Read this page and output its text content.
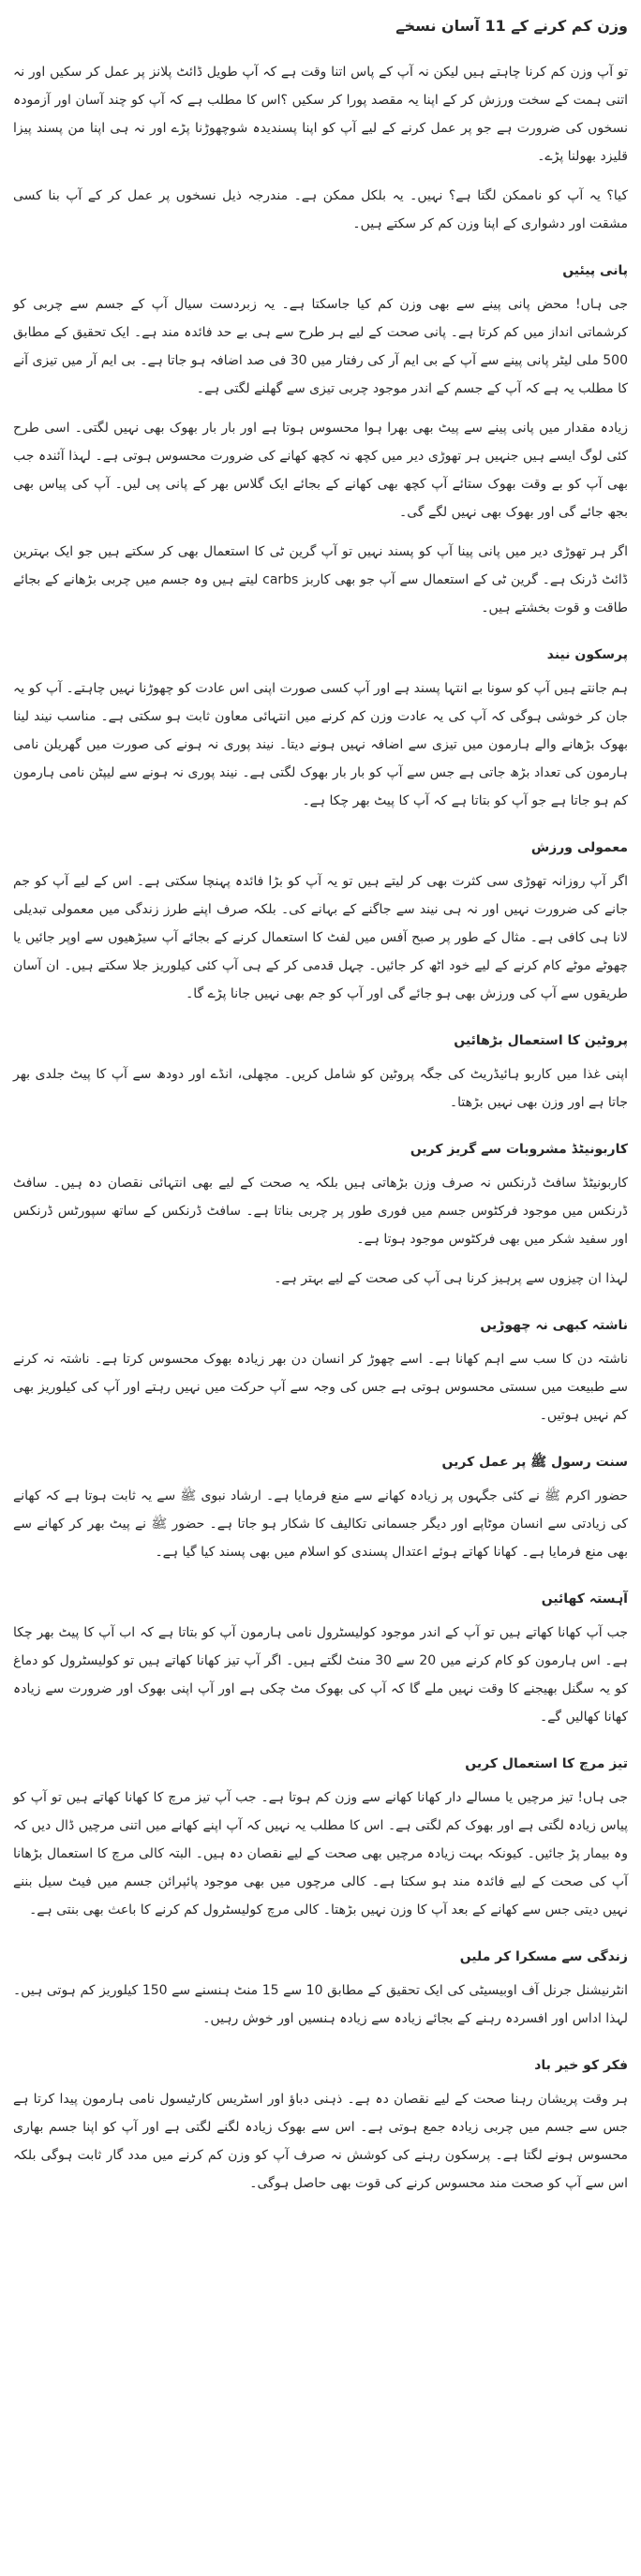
وزن کم کرنے کے 11 آسان نسخے

تو آپ وزن کم کرنا چاہتے ہیں لیکن نہ آپ کے پاس اتنا وقت ہے کہ آپ طویل ڈائٹ پلانز پر عمل کر سکیں اور نہ اتنی ہمت کے سخت ورزش کر کے اپنا یہ مقصد پورا کر سکیں ؟اس کا مطلب ہے کہ آپ کو چند آسان اور آزمودہ نسخوں کی ضرورت ہے جو پر عمل کرنے کے لیے آپ کو اپنا پسندیدہ شوچھوڑنا پڑے اور نہ ہی اپنا من پسند پیزا قلیزد بھولنا پڑے۔

کیا؟ یہ آپ کو ناممکن لگتا ہے؟ نہیں۔ یہ بلکل ممکن ہے۔ مندرجہ ذیل نسخوں پر عمل کر کے آپ بنا کسی مشقت اور دشواری کے اپنا وزن کم کر سکتے ہیں۔

پانی پیئیں

جی ہاں! محض پانی پینے سے بھی وزن کم کیا جاسکتا ہے۔ یہ زبردست سیال آپ کے جسم سے چربی کو کرشماتی انداز میں کم کرتا ہے۔ پانی صحت کے لیے ہر طرح سے ہی بے حد فائدہ مند ہے۔ ایک تحقیق کے مطابق 500 ملی لیٹر پانی پینے سے آپ کے بی ایم آر کی رفتار میں 30 فی صد اضافہ ہو جاتا ہے۔ بی ایم آر میں تیزی آنے کا مطلب یہ ہے کہ آپ کے جسم کے اندر موجود چربی تیزی سے گھلنے لگتی ہے۔

زیادہ مقدار میں پانی پینے سے پیٹ بھی بھرا ہوا محسوس ہوتا ہے اور بار بار بھوک بھی نہیں لگتی۔ اسی طرح کئی لوگ ایسے ہیں جنہیں ہر تھوڑی دیر میں کچھ نہ کچھ کھانے کی ضرورت محسوس ہوتی ہے۔ لہذا آئندہ جب بھی آپ کو بے وقت بھوک ستائے آپ کچھ بھی کھانے کے بجائے ایک گلاس بھر کے پانی پی لیں۔ آپ کی پیاس بھی بجھ جائے گی اور بھوک بھی نہیں لگے گی۔

اگر ہر تھوڑی دیر میں پانی پینا آپ کو پسند نہیں تو آپ گرین ٹی کا استعمال بھی کر سکتے ہیں جو ایک بہترین ڈائٹ ڈرنک ہے۔ گرین ٹی کے استعمال سے آپ جو بھی کاربز carbs لیتے ہیں وہ جسم میں چربی بڑھانے کے بجائے طاقت و قوت بخشتے ہیں۔

پرسکون نیند

ہم جانتے ہیں آپ کو سونا بے انتہا پسند ہے اور آپ کسی صورت اپنی اس عادت کو چھوڑنا نہیں چاہتے۔ آپ کو یہ جان کر خوشی ہوگی کہ آپ کی یہ عادت وزن کم کرنے میں انتہائی معاون ثابت ہو سکتی ہے۔ مناسب نیند لینا بھوک بڑھانے والے ہارمون میں تیزی سے اضافہ نہیں ہونے دیتا۔ نیند پوری نہ ہونے کی صورت میں گھریلن نامی ہارمون کی تعداد بڑھ جاتی ہے جس سے آپ کو بار بار بھوک لگتی ہے۔ نیند پوری نہ ہونے سے لیپٹن نامی ہارمون کم ہو جاتا ہے جو آپ کو بتاتا ہے کہ آپ کا پیٹ بھر چکا ہے۔

معمولی ورزش

اگر آپ روزانہ تھوڑی سی کثرت بھی کر لیتے ہیں تو یہ آپ کو بڑا فائدہ پہنچا سکتی ہے۔ اس کے لیے آپ کو جم جانے کی ضرورت نہیں اور نہ ہی نیند سے جاگنے کے بہانے کی۔ بلکہ صرف اپنے طرز زندگی میں معمولی تبدیلی لانا ہی کافی ہے۔ مثال کے طور پر صبح آفس میں لفٹ کا استعمال کرنے کے بجائے آپ سیڑھیوں سے اوپر جائیں یا چھوٹے موٹے کام کرنے کے لیے خود اٹھ کر جائیں۔ چہل قدمی کر کے ہی آپ کئی کیلوریز جلا سکتے ہیں۔ ان آسان طریقوں سے آپ کی ورزش بھی ہو جائے گی اور آپ کو جم بھی نہیں جانا پڑے گا۔

پروٹین کا استعمال بڑھائیں

اپنی غذا میں کاربو ہائیڈریٹ کی جگہ پروٹین کو شامل کریں۔ مچھلی، انڈے اور دودھ سے آپ کا پیٹ جلدی بھر جاتا ہے اور وزن بھی نہیں بڑھتا۔

کاربونیٹڈ مشروبات سے گریز کریں

کاربونیٹڈ سافٹ ڈرنکس نہ صرف وزن بڑھاتی ہیں بلکہ یہ صحت کے لیے بھی انتہائی نقصان دہ ہیں۔ سافٹ ڈرنکس میں موجود فرکٹوس جسم میں فوری طور پر چربی بناتا ہے۔ سافٹ ڈرنکس کے ساتھ سپورٹس ڈرنکس اور سفید شکر میں بھی فرکٹوس موجود ہوتا ہے۔

لہذا ان چیزوں سے پرہیز کرنا ہی آپ کی صحت کے لیے بہتر ہے۔

ناشتہ کبھی نہ چھوڑیں

ناشتہ دن کا سب سے اہم کھانا ہے۔ اسے چھوڑ کر انسان دن بھر زیادہ بھوک محسوس کرتا ہے۔ ناشتہ نہ کرنے سے طبیعت میں سستی محسوس ہوتی ہے جس کی وجہ سے آپ حرکت میں نہیں رہتے اور آپ کی کیلوریز بھی کم نہیں ہوتیں۔

سنت رسول ﷺ پر عمل کریں

حضور اکرم ﷺ نے کئی جگہوں پر زیادہ کھانے سے منع فرمایا ہے۔ ارشاد نبوی ﷺ سے یہ ثابت ہوتا ہے کہ کھانے کی زیادتی سے انسان موٹاپے اور دیگر جسمانی تکالیف کا شکار ہو جاتا ہے۔ حضور ﷺ نے پیٹ بھر کر کھانے سے بھی منع فرمایا ہے۔ کھانا کھاتے ہوئے اعتدال پسندی کو اسلام میں بھی پسند کیا گیا ہے۔

آہستہ کھائیں

جب آپ کھانا کھاتے ہیں تو آپ کے اندر موجود کولیسٹرول نامی ہارمون آپ کو بتاتا ہے کہ اب آپ کا پیٹ بھر چکا ہے۔ اس ہارمون کو کام کرنے میں 20 سے 30 منٹ لگتے ہیں۔ اگر آپ تیز کھانا کھاتے ہیں تو کولیسٹرول کو دماغ کو یہ سگنل بھیجنے کا وقت نہیں ملے گا کہ آپ کی بھوک مٹ چکی ہے اور آپ اپنی بھوک اور ضرورت سے زیادہ کھانا کھالیں گے۔

تیز مرچ کا استعمال کریں

جی ہاں! تیز مرچیں یا مسالے دار کھانا کھانے سے وزن کم ہوتا ہے۔ جب آپ تیز مرچ کا کھانا کھاتے ہیں تو آپ کو پیاس زیادہ لگتی ہے اور بھوک کم لگتی ہے۔ اس کا مطلب یہ نہیں کہ آپ اپنے کھانے میں اتنی مرچیں ڈال دیں کہ وہ بیمار پڑ جائیں۔ کیونکہ بہت زیادہ مرچیں بھی صحت کے لیے نقصان دہ ہیں۔ البتہ کالی مرچ کا استعمال بڑھانا آپ کی صحت کے لیے فائدہ مند ہو سکتا ہے۔ کالی مرچوں میں بھی موجود پائپرائن جسم میں فیٹ سیل بننے نہیں دیتی جس سے کھانے کے بعد آپ کا وزن نہیں بڑھتا۔ کالی مرچ کولیسٹرول کم کرنے کا باعث بھی بنتی ہے۔

زندگی سے مسکرا کر ملیں

انٹرنیشنل جرنل آف اوبیسیٹی کی ایک تحقیق کے مطابق 10 سے 15 منٹ ہنسنے سے 150 کیلوریز کم ہوتی ہیں۔ لہذا اداس اور افسردہ رہنے کے بجائے زیادہ سے زیادہ ہنسیں اور خوش رہیں۔

فکر کو خیر باد

ہر وقت پریشان رہنا صحت کے لیے نقصان دہ ہے۔ ذہنی دباؤ اور اسٹریس کارٹیسول نامی ہارمون پیدا کرتا ہے جس سے جسم میں چربی زیادہ جمع ہوتی ہے۔ اس سے بھوک زیادہ لگنے لگتی ہے اور آپ کو اپنا جسم بھاری محسوس ہونے لگتا ہے۔ پرسکون رہنے کی کوشش نہ صرف آپ کو وزن کم کرنے میں مدد گار ثابت ہوگی بلکہ اس سے آپ کو صحت مند محسوس کرنے کی قوت بھی حاصل ہوگی۔
